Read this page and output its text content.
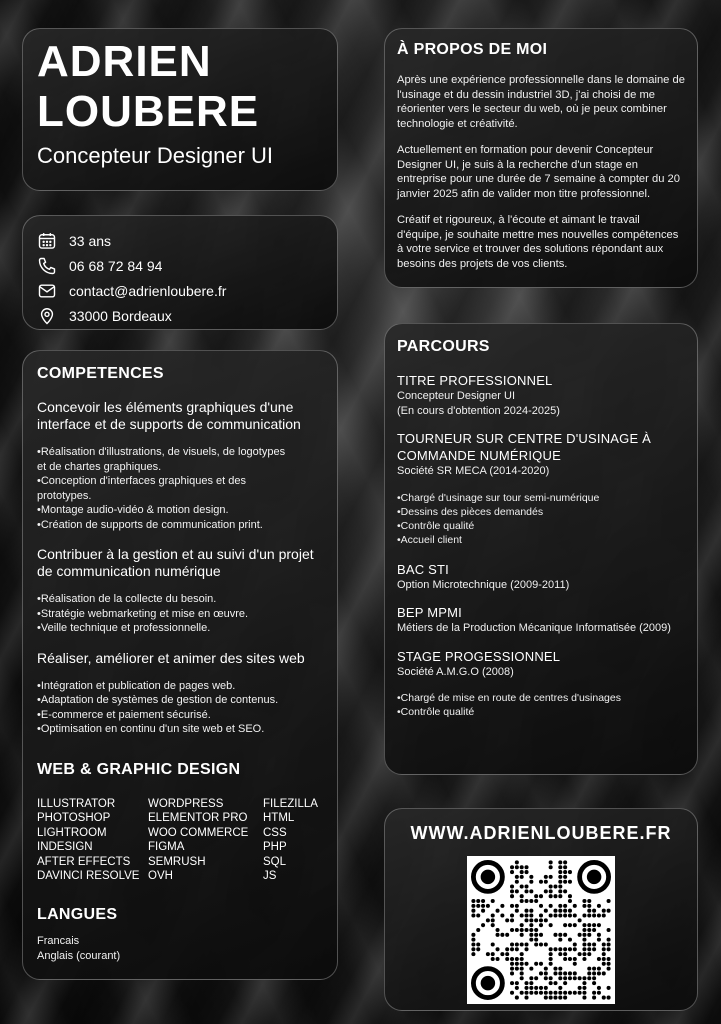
ADRIEN
LOUBERE
Concepteur Designer UI
33 ans
06 68 72 84 94
contact@adrienloubere.fr
33000 Bordeaux
COMPETENCES
Concevoir les éléments graphiques d'une interface et de supports de communication
•Réalisation d'illustrations, de visuels, de logotypes
et de chartes graphiques.
•Conception d'interfaces graphiques et des
prototypes.
•Montage audio-vidéo & motion design.
•Création de supports de communication print.
Contribuer à la gestion et au suivi d'un projet de communication numérique
•Réalisation de la collecte du besoin.
•Stratégie webmarketing et mise en œuvre.
•Veille technique et professionnelle.
Réaliser, améliorer et animer des sites web
•Intégration et publication de pages web.
•Adaptation de systèmes de gestion de contenus.
•E-commerce et paiement sécurisé.
•Optimisation en continu d'un site web et SEO.
WEB & GRAPHIC DESIGN
ILLUSTRATOR
PHOTOSHOP
LIGHTROOM
INDESIGN
AFTER EFFECTS
DAVINCI RESOLVE
WORDPRESS
ELEMENTOR PRO
WOO COMMERCE
FIGMA
SEMRUSH
OVH
FILEZILLA
HTML
CSS
PHP
SQL
JS
LANGUES
Francais
Anglais (courant)
À PROPOS DE MOI

Après une expérience professionnelle dans le domaine de l'usinage et du dessin industriel 3D, j'ai choisi de me réorienter vers le secteur du web, où je peux combiner technologie et créativité.

Actuellement en formation pour devenir Concepteur Designer UI, je suis à la recherche d'un stage en entreprise pour une durée de 7 semaine à compter du 20 janvier 2025 afin de valider mon titre professionnel.

Créatif et rigoureux, à l'écoute et aimant le travail d'équipe, je souhaite mettre mes nouvelles compétences à votre service et trouver des solutions répondant aux besoins des projets de vos clients.

PARCOURS
TITRE PROFESSIONNEL
Concepteur Designer UI
(En cours d'obtention 2024-2025)
TOURNEUR SUR CENTRE D'USINAGE À COMMANDE NUMÉRIQUE
Société SR MECA (2014-2020)
•Chargé d'usinage sur tour semi-numérique
•Dessins des pièces demandés
•Contrôle qualité
•Accueil client
BAC STI
Option Microtechnique (2009-2011)
BEP MPMI
Métiers de la Production Mécanique Informatisée (2009)
STAGE PROGESSIONNEL
Société A.M.G.O (2008)
•Chargé de mise en route de centres d'usinages
•Contrôle qualité
WWW.ADRIENLOUBERE.FR
